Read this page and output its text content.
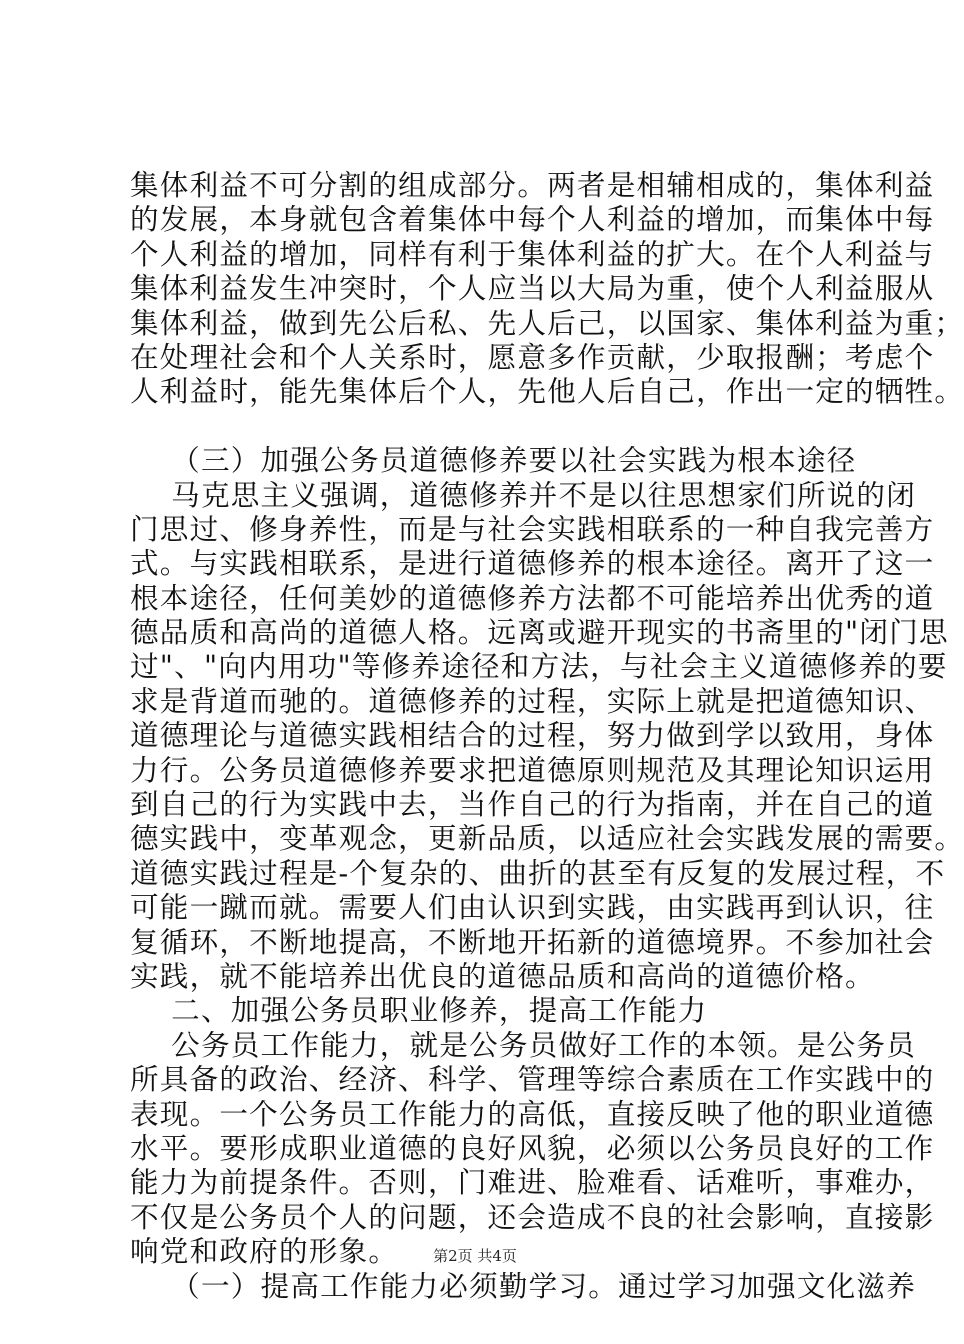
集体利益不可分割的组成部分。两者是相辅相成的，集体利益
的发展，本身就包含着集体中每个人利益的增加，而集体中每
个人利益的增加，同样有利于集体利益的扩大。在个人利益与
集体利益发生冲突时，个人应当以大局为重，使个人利益服从
集体利益，做到先公后私、先人后己，以国家、集体利益为重；
在处理社会和个人关系时，愿意多作贡献，少取报酬；考虑个
人利益时，能先集体后个人，先他人后自己，作出一定的牺牲。
（三）加强公务员道德修养要以社会实践为根本途径
马克思主义强调，道德修养并不是以往思想家们所说的闭
门思过、修身养性，而是与社会实践相联系的一种自我完善方
式。与实践相联系，是进行道德修养的根本途径。离开了这一
根本途径，任何美妙的道德修养方法都不可能培养出优秀的道
德品质和高尚的道德人格。远离或避开现实的书斋里的"闭门思
过"、"向内用功"等修养途径和方法，与社会主义道德修养的要
求是背道而驰的。道德修养的过程，实际上就是把道德知识、
道德理论与道德实践相结合的过程，努力做到学以致用，身体
力行。公务员道德修养要求把道德原则规范及其理论知识运用
到自己的行为实践中去，当作自己的行为指南，并在自己的道
德实践中，变革观念，更新品质，以适应社会实践发展的需要。
道德实践过程是-个复杂的、曲折的甚至有反复的发展过程，不
可能一蹴而就。需要人们由认识到实践，由实践再到认识，往
复循环，不断地提高，不断地开拓新的道德境界。不参加社会
实践，就不能培养出优良的道德品质和高尚的道德价格。
二、加强公务员职业修养，提高工作能力
公务员工作能力，就是公务员做好工作的本领。是公务员
所具备的政治、经济、科学、管理等综合素质在工作实践中的
表现。一个公务员工作能力的高低，直接反映了他的职业道德
水平。要形成职业道德的良好风貌，必须以公务员良好的工作
能力为前提条件。否则，门难进、脸难看、话难听，事难办，
不仅是公务员个人的问题，还会造成不良的社会影响，直接影
响党和政府的形象。
（一）提高工作能力必须勤学习。通过学习加强文化滋养
第2页 共4页
